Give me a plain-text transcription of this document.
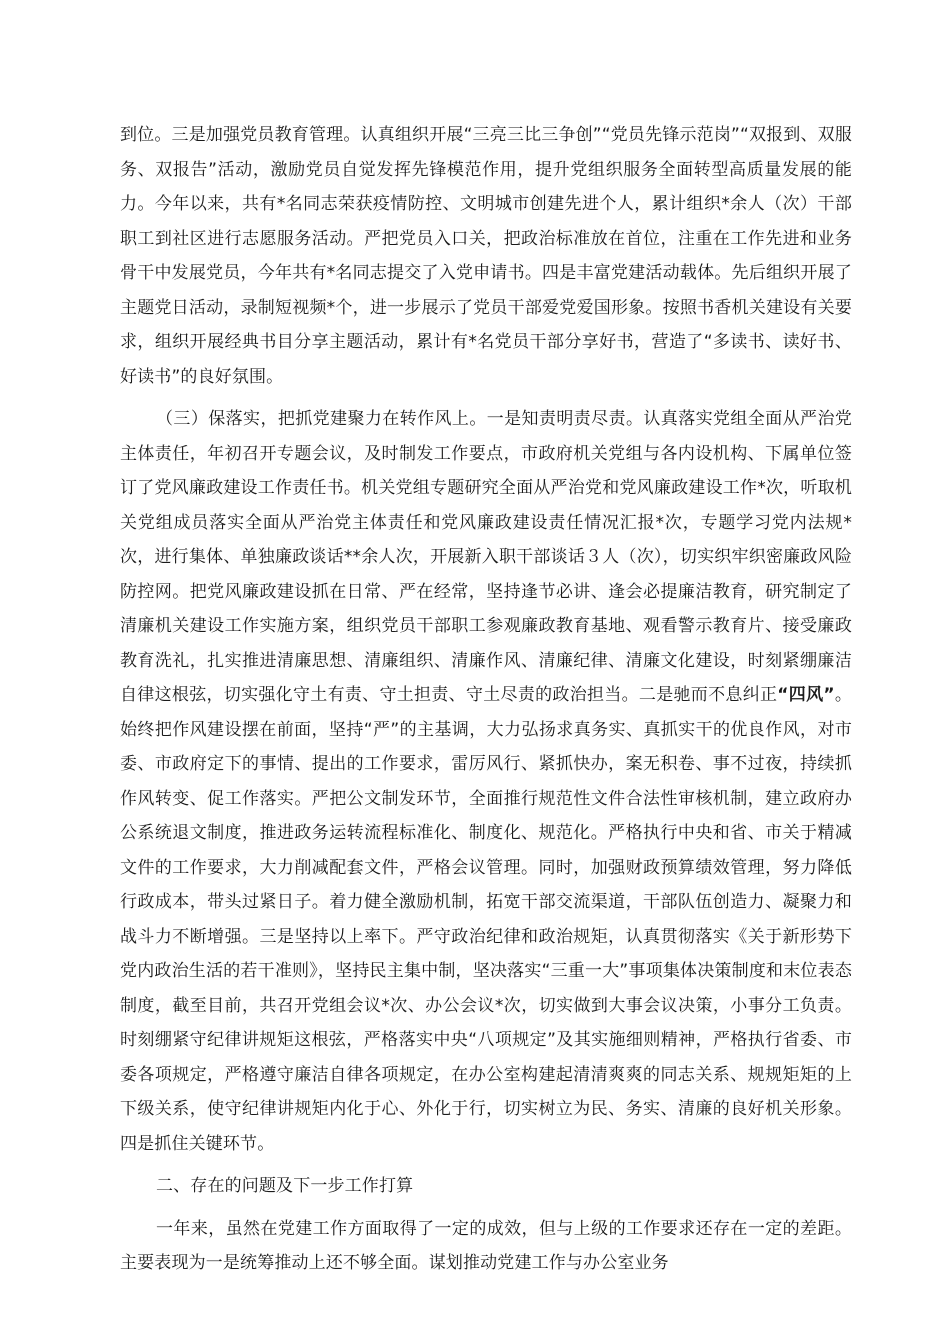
到位。三是加强党员教育管理。认真组织开展“三亮三比三争创”“党员先锋示范岗”“双报到、双服务、双报告”活动，激励党员自觉发挥先锋模范作用，提升党组织服务全面转型高质量发展的能力。今年以来，共有*名同志荣获疫情防控、文明城市创建先进个人，累计组织*余人（次）干部职工到社区进行志愿服务活动。严把党员入口关，把政治标准放在首位，注重在工作先进和业务骨干中发展党员，今年共有*名同志提交了入党申请书。四是丰富党建活动载体。先后组织开展了主题党日活动，录制短视频*个，进一步展示了党员干部爱党爱国形象。按照书香机关建设有关要求，组织开展经典书目分享主题活动，累计有*名党员干部分享好书，营造了“多读书、读好书、好读书”的良好氛围。

（三）保落实，把抓党建聚力在转作风上。一是知责明责尽责。认真落实党组全面从严治党主体责任，年初召开专题会议，及时制发工作要点，市政府机关党组与各内设机构、下属单位签订了党风廉政建设工作责任书。机关党组专题研究全面从严治党和党风廉政建设工作*次，听取机关党组成员落实全面从严治党主体责任和党风廉政建设责任情况汇报*次，专题学习党内法规*次，进行集体、单独廉政谈话**余人次，开展新入职干部谈话３人（次），切实织牢织密廉政风险防控网。把党风廉政建设抓在日常、严在经常，坚持逢节必讲、逢会必提廉洁教育，研究制定了清廉机关建设工作实施方案，组织党员干部职工参观廉政教育基地、观看警示教育片、接受廉政教育洗礼，扎实推进清廉思想、清廉组织、清廉作风、清廉纪律、清廉文化建设，时刻紧绷廉洁自律这根弦，切实强化守土有责、守土担责、守土尽责的政治担当。二是驰而不息纠正“四风”。始终把作风建设摆在前面，坚持“严”的主基调，大力弘扬求真务实、真抓实干的优良作风，对市委、市政府定下的事情、提出的工作要求，雷厉风行、紧抓快办，案无积卷、事不过夜，持续抓作风转变、促工作落实。严把公文制发环节，全面推行规范性文件合法性审核机制，建立政府办公系统退文制度，推进政务运转流程标准化、制度化、规范化。严格执行中央和省、市关于精减文件的工作要求，大力削减配套文件，严格会议管理。同时，加强财政预算绩效管理，努力降低行政成本，带头过紧日子。着力健全激励机制，拓宽干部交流渠道，干部队伍创造力、凝聚力和战斗力不断增强。三是坚持以上率下。严守政治纪律和政治规矩，认真贯彻落实《关于新形势下党内政治生活的若干准则》，坚持民主集中制，坚决落实“三重一大”事项集体决策制度和末位表态制度，截至目前，共召开党组会议*次、办公会议*次，切实做到大事会议决策，小事分工负责。时刻绷紧守纪律讲规矩这根弦，严格落实中央“八项规定”及其实施细则精神，严格执行省委、市委各项规定，严格遵守廉洁自律各项规定，在办公室构建起清清爽爽的同志关系、规规矩矩的上下级关系，使守纪律讲规矩内化于心、外化于行，切实树立为民、务实、清廉的良好机关形象。四是抓住关键环节。

二、存在的问题及下一步工作打算

一年来，虽然在党建工作方面取得了一定的成效，但与上级的工作要求还存在一定的差距。主要表现为一是统筹推动上还不够全面。谋划推动党建工作与办公室业务
